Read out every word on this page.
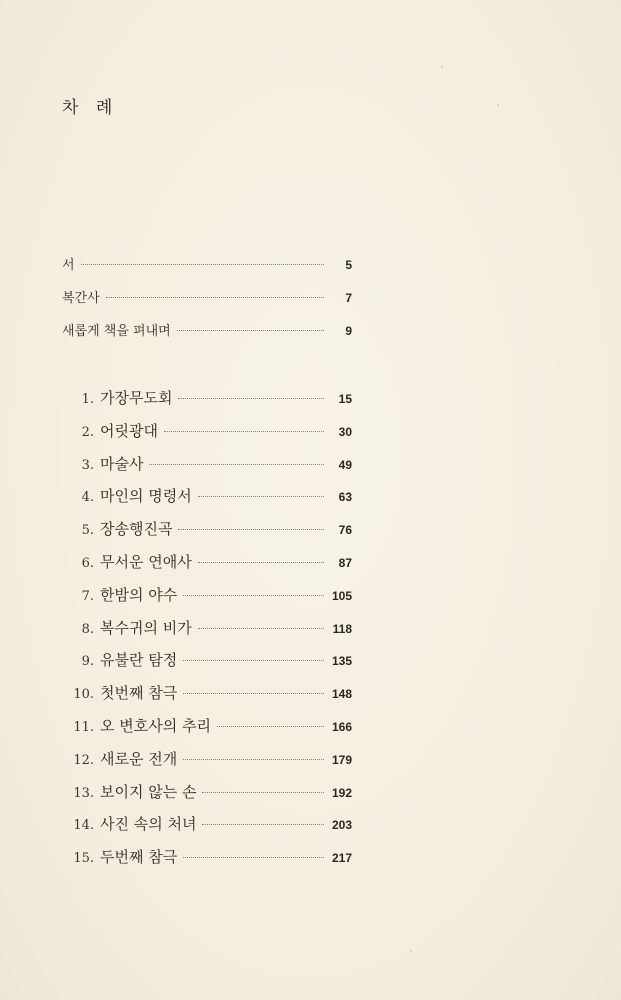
차 례
서	5
복간사	7
새롭게 책을 펴내며	9
1. 가장무도회	15
2. 어릿광대	30
3. 마술사	49
4. 마인의 명령서	63
5. 장송행진곡	76
6. 무서운 연애사	87
7. 한밤의 야수	105
8. 복수귀의 비가	118
9. 유불란 탐정	135
10. 첫번째 참극	148
11. 오 변호사의 추리	166
12. 새로운 전개	179
13. 보이지 않는 손	192
14. 사진 속의 처녀	203
15. 두번째 참극	217
